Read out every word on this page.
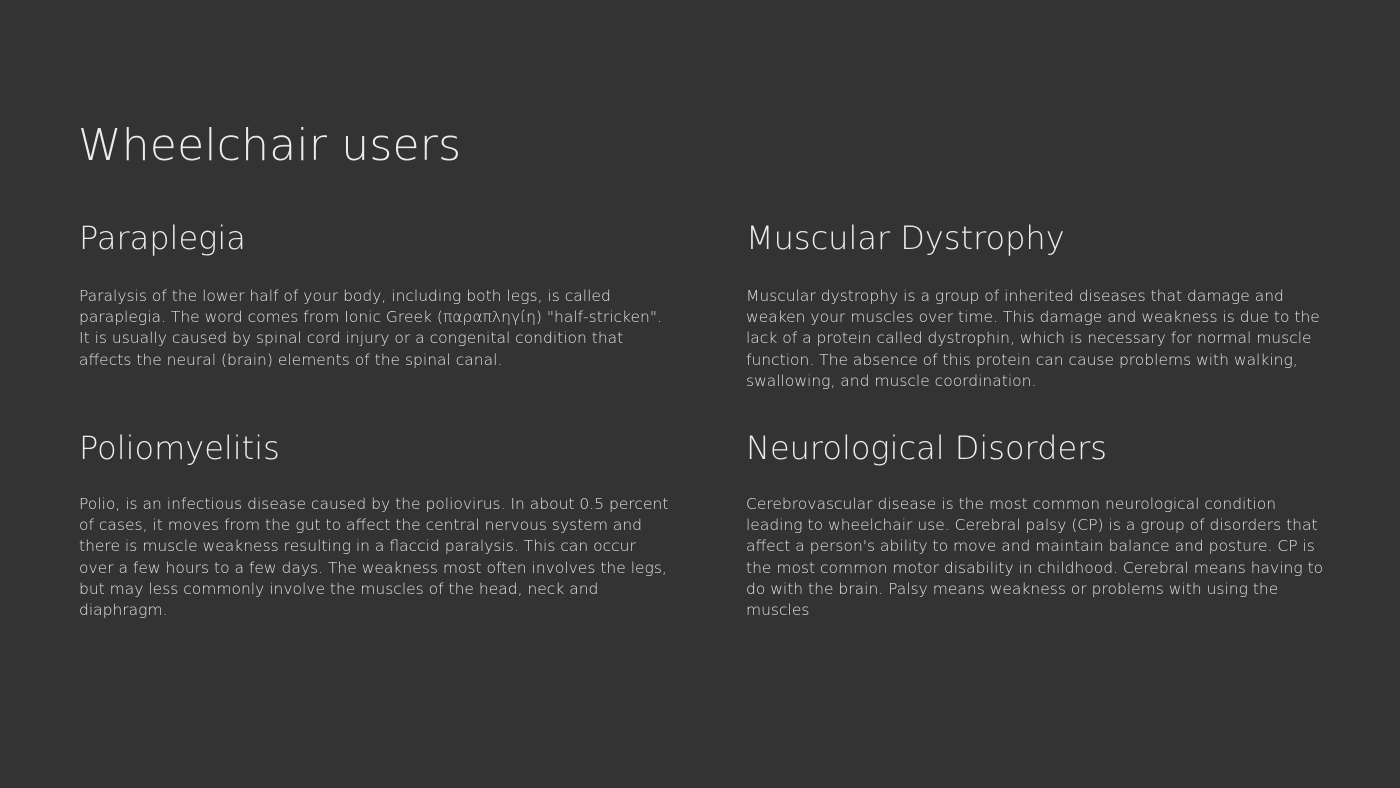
Wheelchair users
Paraplegia

Paralysis of the lower half of your body, including both legs, is called paraplegia. The word comes from Ionic Greek (παραπληγίη) "half-stricken". It is usually caused by spinal cord injury or a congenital condition that affects the neural (brain) elements of the spinal canal.

Muscular Dystrophy

Muscular dystrophy is a group of inherited diseases that damage and weaken your muscles over time. This damage and weakness is due to the lack of a protein called dystrophin, which is necessary for normal muscle function. The absence of this protein can cause problems with walking, swallowing, and muscle coordination.

Poliomyelitis

Polio, is an infectious disease caused by the poliovirus. In about 0.5 percent of cases, it moves from the gut to affect the central nervous system and there is muscle weakness resulting in a flaccid paralysis. This can occur over a few hours to a few days. The weakness most often involves the legs, but may less commonly involve the muscles of the head, neck and diaphragm.

Neurological Disorders

Cerebrovascular disease is the most common neurological condition leading to wheelchair use. Cerebral palsy (CP) is a group of disorders that affect a person's ability to move and maintain balance and posture. CP is the most common motor disability in childhood. Cerebral means having to do with the brain. Palsy means weakness or problems with using the muscles
